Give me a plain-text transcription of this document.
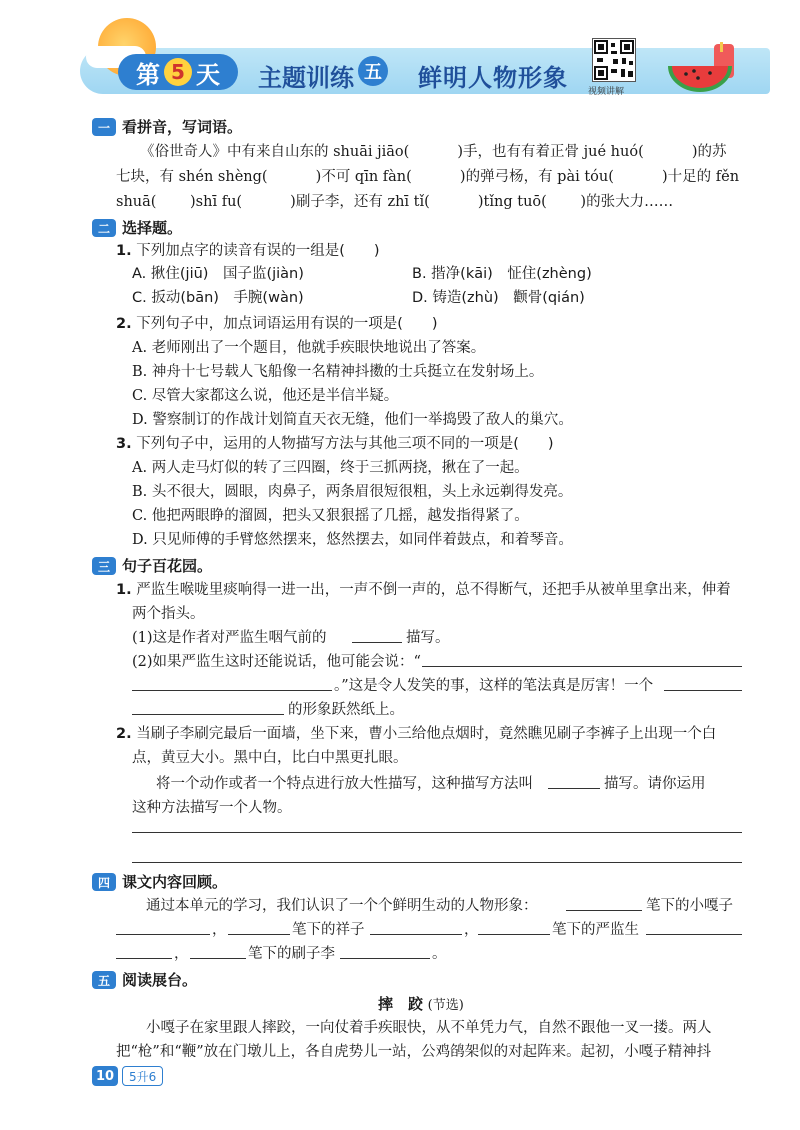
第 5 天 主题训练 五 鲜明人物形象 视频讲解
一 看拼音，写词语。
《俗世奇人》中有来自山东的 shuāi jiāo(　　　 )手，也有有着正骨 jué huó(　　　 )的苏
七块，有 shén shèng(　　　 )不可 qīn fàn(　　　 )的弹弓杨，有 pài tóu(　　　 )十足的 fěn
shuā(　　 )shī fu(　　　 )刷子李，还有 zhī tǐ(　　　 )tǐng tuō(　　 )的张大力……
二 选择题。
1. 下列加点字的读音有误的一组是(　　)
A. 揪住(jiū)　国子监(jiàn)	B. 揩净(kāi)　怔住(zhèng)
C. 扳动(bān)　手腕(wàn)	D. 铸造(zhù)　颧骨(qián)
2. 下列句子中，加点词语运用有误的一项是(　　)
A. 老师刚出了一个题目，他就手疾眼快地说出了答案。
B. 神舟十七号载人飞船像一名精神抖擞的士兵挺立在发射场上。
C. 尽管大家都这么说，他还是半信半疑。
D. 警察制订的作战计划简直天衣无缝，他们一举捣毁了敌人的巢穴。
3. 下列句子中，运用的人物描写方法与其他三项不同的一项是(　　)
A. 两人走马灯似的转了三四圈，终于三抓两挠，揪在了一起。
B. 头不很大，圆眼，肉鼻子，两条眉很短很粗，头上永远剃得发亮。
C. 他把两眼睁的溜圆，把头又狠狠摇了几摇，越发指得紧了。
D. 只见师傅的手臂悠然摆来，悠然摆去，如同伴着鼓点，和着琴音。
三 句子百花园。
1. 严监生喉咙里痰响得一进一出，一声不倒一声的，总不得断气，还把手从被单里拿出来，伸着
两个指头。
(1)这是作者对严监生咽气前的	描写。
(2)如果严监生这时还能说话，他可能会说：“
。”这是令人发笑的事，这样的笔法真是厉害！一个
的形象跃然纸上。
2. 当刷子李刷完最后一面墙，坐下来，曹小三给他点烟时，竟然瞧见刷子李裤子上出现一个白
点，黄豆大小。黑中白，比白中黑更扎眼。
将一个动作或者一个特点进行放大性描写，这种描写方法叫	描写。请你运用
这种方法描写一个人物。
四 课文内容回顾。
通过本单元的学习，我们认识了一个个鲜明生动的人物形象：	笔下的小嘎子
，	笔下的祥子	，	笔下的严监生
，	笔下的刷子李	。
五 阅读展台。
摔　跤 (节选)
小嘎子在家里跟人摔跤，一向仗着手疾眼快，从不单凭力气，自然不跟他一叉一搂。两人
把“枪”和“鞭”放在门墩儿上，各自虎势儿一站，公鸡鹐架似的对起阵来。起初，小嘎子精神抖
10	5升6
